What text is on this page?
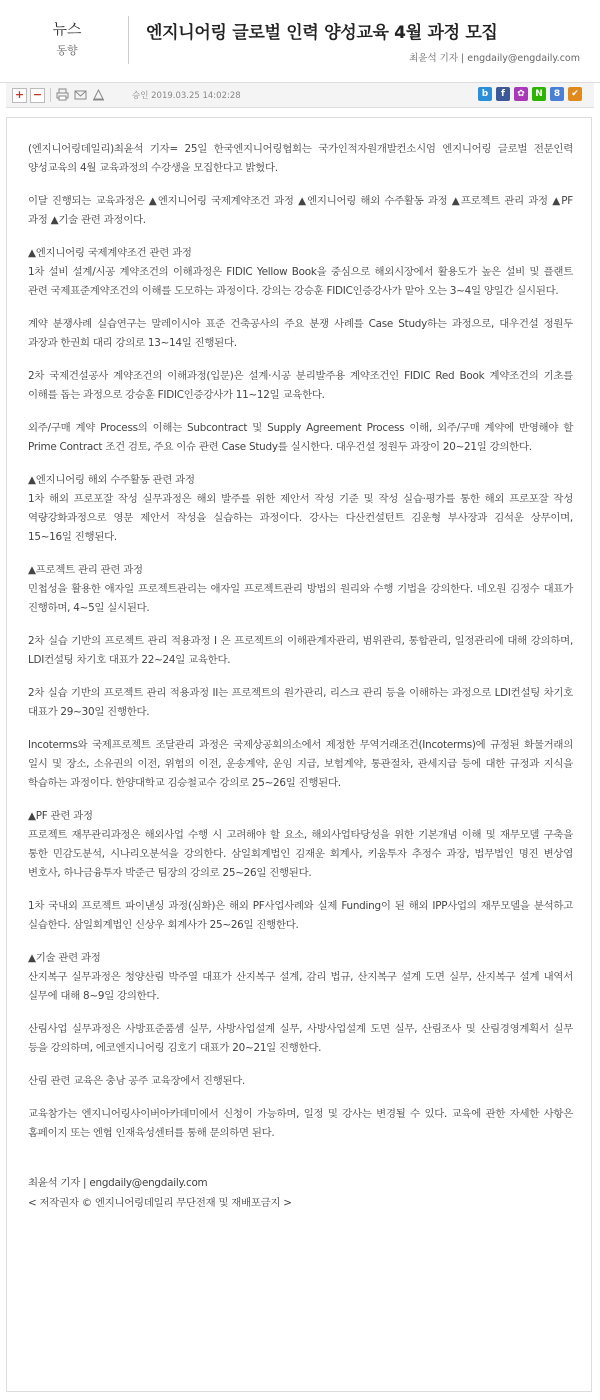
뉴스
동향
엔지니어링 글로벌 인력 양성교육 4월 과정 모집
최윤석 기자 | engdaily@engdaily.com
+ −	승인 2019.03.25 14:02:28	b	f	✿	N	8	✔

(엔지니어링데일리)최윤석 기자= 25일 한국엔지니어링협회는 국가인적자원개발컨소시엄 엔지니어링 글로벌 전문인력 양성교육의 4월 교육과정의 수강생을 모집한다고 밝혔다.

이달 진행되는 교육과정은 ▲엔지니어링 국제계약조건 과정 ▲엔지니어링 해외 수주활동 과정 ▲프로젝트 관리 과정 ▲PF 과정 ▲기술 관련 과정이다.

▲엔지니어링 국제계약조건 관련 과정

1차 설비 설계/시공 계약조건의 이해과정은 FIDIC Yellow Book을 중심으로 해외시장에서 활용도가 높은 설비 및 플랜트 관련 국제표준계약조건의 이해를 도모하는 과정이다. 강의는 강승훈 FIDIC인증강사가 맡아 오는 3~4일 양일간 실시된다.

계약 분쟁사례 실습연구는 말레이시아 표준 건축공사의 주요 분쟁 사례를 Case Study하는 과정으로, 대우건설 정원두 과장과 한권희 대리 강의로 13~14일 진행된다.

2차 국제건설공사 계약조건의 이해과정(입문)은 설계·시공 분리발주용 계약조건인 FIDIC Red Book 계약조건의 기초를 이해를 돕는 과정으로 강승훈 FIDIC인증강사가 11~12일 교육한다.

외주/구매 계약 Process의 이해는 Subcontract 및 Supply Agreement Process 이해, 외주/구매 계약에 반영해야 할 Prime Contract 조건 검토, 주요 이슈 관련 Case Study를 실시한다. 대우건설 정원두 과장이 20~21일 강의한다.

▲엔지니어링 해외 수주활동 관련 과정

1차 해외 프로포잘 작성 실무과정은 해외 발주를 위한 제안서 작성 기준 및 작성 실습·평가를 통한 해외 프로포잘 작성 역량강화과정으로 영문 제안서 작성을 실습하는 과정이다. 강사는 다산컨설턴트 김운형 부사장과 김석운 상무이며, 15~16일 진행된다.

▲프로젝트 관리 관련 과정

민첩성을 활용한 애자일 프로젝트관리는 애자일 프로젝트관리 방법의 원리와 수행 기법을 강의한다. 네오원 김정수 대표가 진행하며, 4~5일 실시된다.

2차 실습 기반의 프로젝트 관리 적용과정 I 은 프로젝트의 이해관계자관리, 범위관리, 통합관리, 일정관리에 대해 강의하며, LDI컨설팅 차기호 대표가 22~24일 교육한다.

2차 실습 기반의 프로젝트 관리 적용과정 II는 프로젝트의 원가관리, 리스크 관리 등을 이해하는 과정으로 LDI컨설팅 차기호 대표가 29~30일 진행한다.

Incoterms와 국제프로젝트 조달관리 과정은 국제상공회의소에서 제정한 무역거래조건(Incoterms)에 규정된 화물거래의 일시 및 장소, 소유권의 이전, 위험의 이전, 운송계약, 운임 지급, 보험계약, 통관절차, 관세지급 등에 대한 규정과 지식을 학습하는 과정이다. 한양대학교 김승철교수 강의로 25~26일 진행된다.

▲PF 관련 과정

프로젝트 재무관리과정은 해외사업 수행 시 고려해야 할 요소, 해외사업타당성을 위한 기본개념 이해 및 재무모델 구축을 통한 민감도분석, 시나리오분석을 강의한다. 삼일회계법인 김재운 회계사, 키움투자 추정수 과장, 법무법인 명진 변상엽 변호사, 하나금융투자 박준근 팀장의 강의로 25~26일 진행된다.

1차 국내외 프로젝트 파이낸싱 과정(심화)은 해외 PF사업사례와 실제 Funding이 된 해외 IPP사업의 재무모델을 분석하고 실습한다. 삼일회계법인 신상우 회계사가 25~26일 진행한다.

▲기술 관련 과정

산지복구 실무과정은 청양산림 박주열 대표가 산지복구 설계, 감리 법규, 산지복구 설계 도면 실무, 산지복구 설계 내역서 실무에 대해 8~9일 강의한다.

산림사업 실무과정은 사방표준품셈 실무, 사방사업설계 실무, 사방사업설계 도면 실무, 산림조사 및 산림경영계획서 실무 등을 강의하며, 에코엔지니어링 김호기 대표가 20~21일 진행한다.

산림 관련 교육은 충남 공주 교육장에서 진행된다.

교육참가는 엔지니어링사이버아카데미에서 신청이 가능하며, 일정 및 강사는 변경될 수 있다. 교육에 관한 자세한 사항은 홈페이지 또는 엔협 인재육성센터를 통해 문의하면 된다.

최윤석 기자 | engdaily@engdaily.com
< 저작권자 © 엔지니어링데일리 무단전재 및 재배포금지 >
